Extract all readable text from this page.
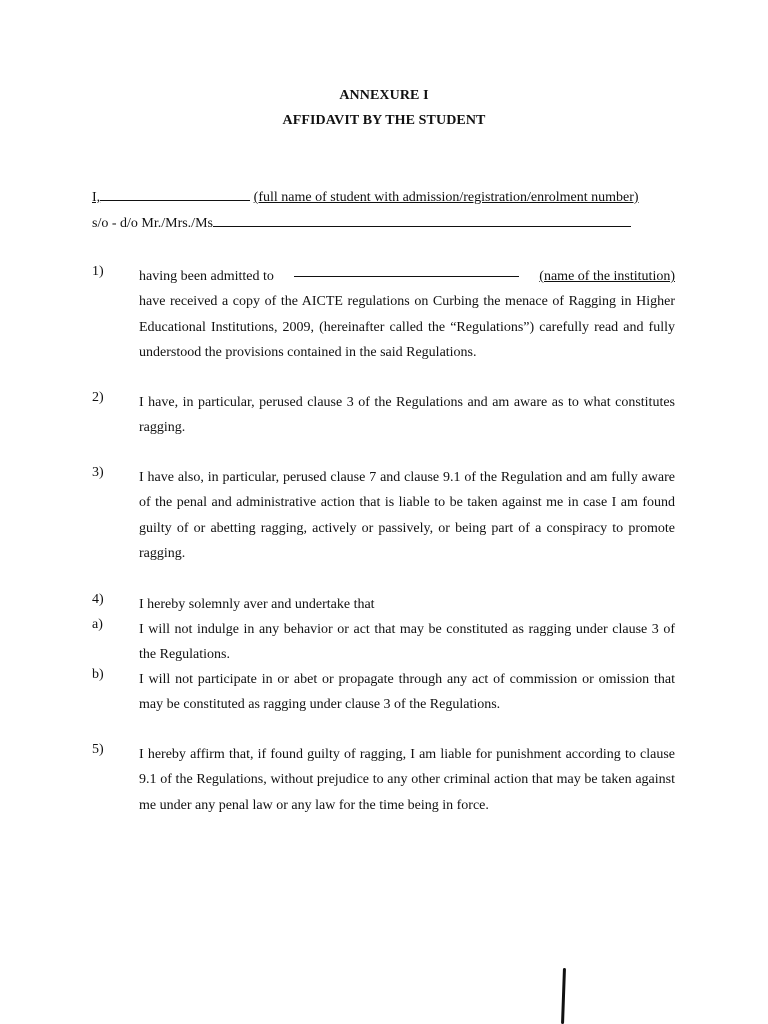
ANNEXURE I
AFFIDAVIT BY THE STUDENT
I,	(full name of student with admission/registration/enrolment number)
s/o - d/o Mr./Mrs./Ms
1)	having been admitted to	(name of the institution)
have received a copy of the AICTE regulations on Curbing the menace of Ragging in Higher Educational Institutions, 2009, (hereinafter called the “Regulations”) carefully read and fully understood the provisions contained in the said Regulations.
2)	I have, in particular, perused clause 3 of the Regulations and am aware as to what constitutes ragging.
3)	I have also, in particular, perused clause 7 and clause 9.1 of the Regulation and am fully aware of the penal and administrative action that is liable to be taken against me in case I am found guilty of or abetting ragging, actively or passively, or being part of a conspiracy to promote ragging.
4)	I hereby solemnly aver and undertake that
a)	I will not indulge in any behavior or act that may be constituted as ragging under clause 3 of the Regulations.
b)	I will not participate in or abet or propagate through any act of commission or omission that may be constituted as ragging under clause 3 of the Regulations.
5)	I hereby affirm that, if found guilty of ragging, I am liable for punishment according to clause 9.1 of the Regulations, without prejudice to any other criminal action that may be taken against me under any penal law or any law for the time being in force.
